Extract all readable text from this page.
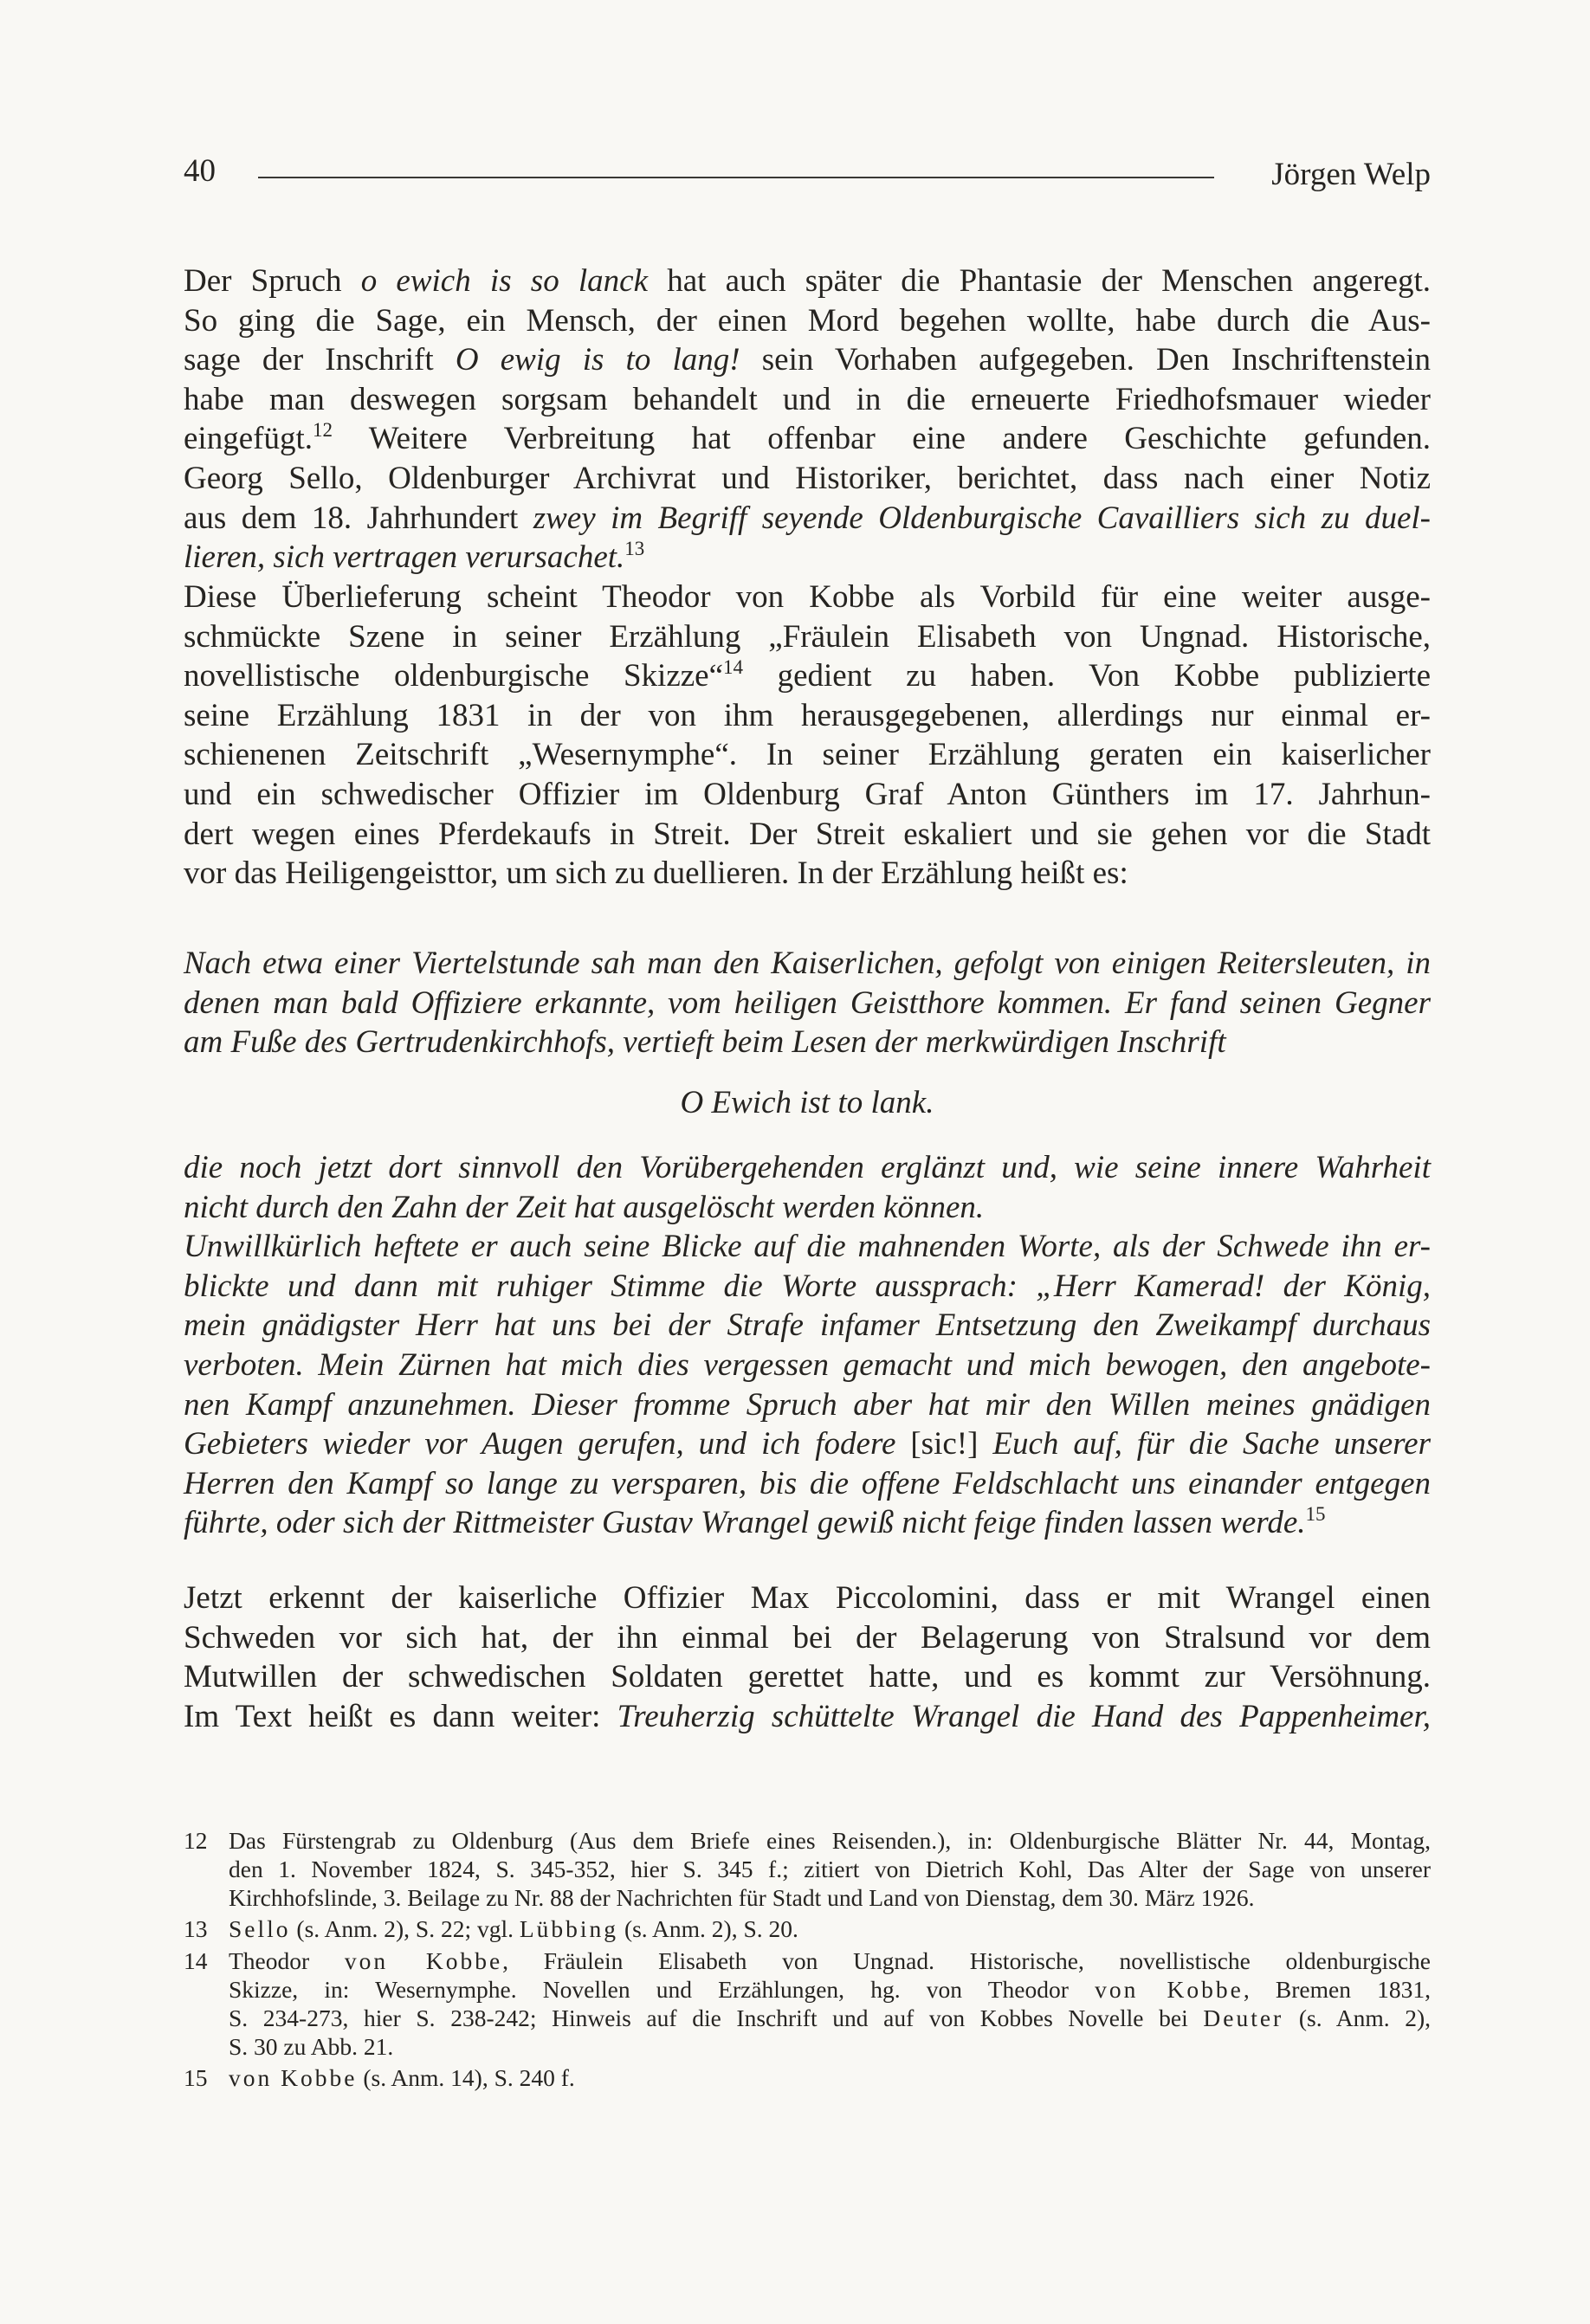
40	Jörgen Welp
Der Spruch o ewich is so lanck hat auch später die Phantasie der Menschen angeregt.
So ging die Sage, ein Mensch, der einen Mord begehen wollte, habe durch die Aus-
sage der Inschrift O ewig is to lang! sein Vorhaben aufgegeben. Den Inschriftenstein
habe man deswegen sorgsam behandelt und in die erneuerte Friedhofsmauer wieder
eingefügt.$^{12}$ Weitere Verbreitung hat offenbar eine andere Geschichte gefunden.
Georg Sello, Oldenburger Archivrat und Historiker, berichtet, dass nach einer Notiz
aus dem 18. Jahrhundert zwey im Begriff seyende Oldenburgische Cavailliers sich zu duel-
lieren, sich vertragen verursachet.$^{13}$
Diese Überlieferung scheint Theodor von Kobbe als Vorbild für eine weiter ausge-
schmückte Szene in seiner Erzählung „Fräulein Elisabeth von Ungnad. Historische,
novellistische oldenburgische Skizze“$^{14}$ gedient zu haben. Von Kobbe publizierte
seine Erzählung 1831 in der von ihm herausgegebenen, allerdings nur einmal er-
schienenen Zeitschrift „Wesernymphe“. In seiner Erzählung geraten ein kaiserlicher
und ein schwedischer Offizier im Oldenburg Graf Anton Günthers im 17. Jahrhun-
dert wegen eines Pferdekaufs in Streit. Der Streit eskaliert und sie gehen vor die Stadt
vor das Heiligengeisttor, um sich zu duellieren. In der Erzählung heißt es:
Nach etwa einer Viertelstunde sah man den Kaiserlichen, gefolgt von einigen Reitersleuten, in
denen man bald Offiziere erkannte, vom heiligen Geistthore kommen. Er fand seinen Gegner
am Fuße des Gertrudenkirchhofs, vertieft beim Lesen der merkwürdigen Inschrift
O Ewich ist to lank.
die noch jetzt dort sinnvoll den Vorübergehenden erglänzt und, wie seine innere Wahrheit
nicht durch den Zahn der Zeit hat ausgelöscht werden können.
Unwillkürlich heftete er auch seine Blicke auf die mahnenden Worte, als der Schwede ihn er-
blickte und dann mit ruhiger Stimme die Worte aussprach: „Herr Kamerad! der König,
mein gnädigster Herr hat uns bei der Strafe infamer Entsetzung den Zweikampf durchaus
verboten. Mein Zürnen hat mich dies vergessen gemacht und mich bewogen, den angebote-
nen Kampf anzunehmen. Dieser fromme Spruch aber hat mir den Willen meines gnädigen
Gebieters wieder vor Augen gerufen, und ich fodere [sic!] Euch auf, für die Sache unserer
Herren den Kampf so lange zu versparen, bis die offene Feldschlacht uns einander entgegen
führte, oder sich der Rittmeister Gustav Wrangel gewiß nicht feige finden lassen werde.$^{15}$
Jetzt erkennt der kaiserliche Offizier Max Piccolomini, dass er mit Wrangel einen
Schweden vor sich hat, der ihn einmal bei der Belagerung von Stralsund vor dem
Mutwillen der schwedischen Soldaten gerettet hatte, und es kommt zur Versöhnung.
Im Text heißt es dann weiter: Treuherzig schüttelte Wrangel die Hand des Pappenheimer,
12 Das Fürstengrab zu Oldenburg (Aus dem Briefe eines Reisenden.), in: Oldenburgische Blätter Nr. 44, Montag,
den 1. November 1824, S. 345-352, hier S. 345 f.; zitiert von Dietrich Kohl, Das Alter der Sage von unserer
Kirchhofslinde, 3. Beilage zu Nr. 88 der Nachrichten für Stadt und Land von Dienstag, dem 30. März 1926.
13 Sello (s. Anm. 2), S. 22; vgl. Lübbing (s. Anm. 2), S. 20.
14 Theodor von Kobbe, Fräulein Elisabeth von Ungnad. Historische, novellistische oldenburgische
Skizze, in: Wesernymphe. Novellen und Erzählungen, hg. von Theodor von Kobbe, Bremen 1831,
S. 234-273, hier S. 238-242; Hinweis auf die Inschrift und auf von Kobbes Novelle bei Deuter (s. Anm. 2),
S. 30 zu Abb. 21.
15 von Kobbe (s. Anm. 14), S. 240 f.
